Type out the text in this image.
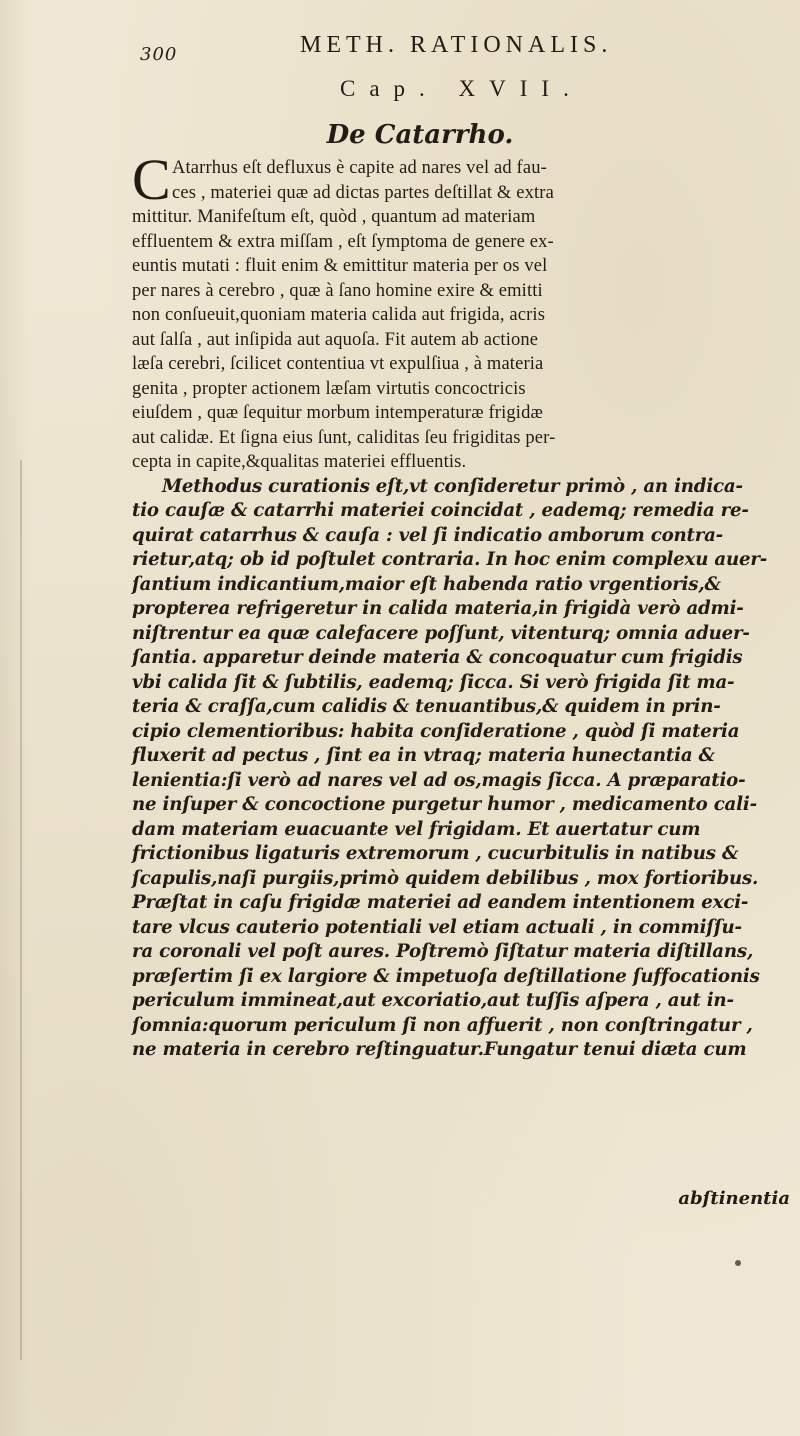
300	METH. RATIONALIS.
Cap. XVII.
De Catarrho.
C Atarrhus eſt defluxus è capite ad nares vel ad fau-
ces , materiei quæ ad dictas partes deſtillat & extra
mittitur. Manifeſtum eſt, quòd , quantum ad materiam
effluentem & extra miſſam , eſt ſymptoma de genere ex-
euntis mutati : fluit enim & emittitur materia per os vel
per nares à cerebro , quæ à ſano homine exire & emitti
non conſueuit,quoniam materia calida aut frigida, acris
aut ſalſa , aut inſipida aut aquoſa. Fit autem ab actione
læſa cerebri, ſcilicet contentiua vt expulſiua , à materia
genita , propter actionem læſam virtutis concoctricis
eiuſdem , quæ ſequitur morbum intemperaturæ frigidæ
aut calidæ. Et ſigna eius ſunt, caliditas ſeu frigiditas per-
cepta in capite,&qualitas materiei effluentis.
Methodus curationis eſt,vt conſideretur primò , an indica-
tio cauſæ & catarrhi materiei coincidat , eademq; remedia re-
quirat catarrhus & cauſa : vel ſi indicatio amborum contra-
rietur,atq; ob id poſtulet contraria. In hoc enim complexu auer-
ſantium indicantium,maior eſt habenda ratio vrgentioris,&
propterea refrigeretur in calida materia,in frigidà verò admi-
niſtrentur ea quæ calefacere poſſunt, vitenturq; omnia aduer-
ſantia. apparetur deinde materia & concoquatur cum frigidis
vbi calida ſit & ſubtilis, eademq; ſicca. Si verò frigida ſit ma-
teria & craſſa,cum calidis & tenuantibus,& quidem in prin-
cipio clementioribus: habita conſideratione , quòd ſi materia
fluxerit ad pectus , ſint ea in vtraq; materia hunectantia &
lenientia:ſi verò ad nares vel ad os,magis ſicca. A præparatio-
ne inſuper & concoctione purgetur humor , medicamento cali-
dam materiam euacuante vel frigidam. Et auertatur cum
frictionibus ligaturis extremorum , cucurbitulis in natibus &
ſcapulis,naſi purgiis,primò quidem debilibus , mox fortioribus.
Præſtat in caſu frigidæ materiei ad eandem intentionem exci-
tare vlcus cauterio potentiali vel etiam actuali , in commiſſu-
ra coronali vel poſt aures. Poſtremò ſiſtatur materia diſtillans,
præſertim ſi ex largiore & impetuoſa deſtillatione ſuffocationis
periculum immineat,aut excoriatio,aut tuſſis aſpera , aut in-
ſomnia:quorum periculum ſi non affuerit , non conſtringatur ,
ne materia in cerebro reſtinguatur.Fungatur tenui diæta cum
abſtinentia
